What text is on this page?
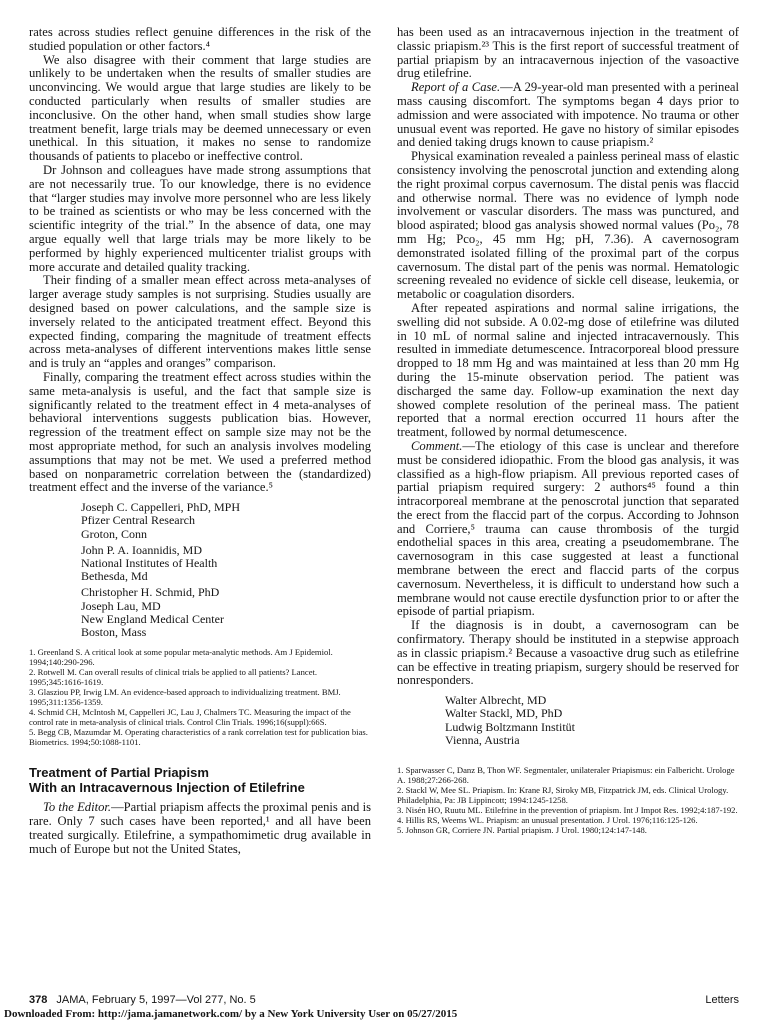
rates across studies reflect genuine differences in the risk of the studied population or other factors.⁴

We also disagree with their comment that large studies are unlikely to be undertaken when the results of smaller studies are unconvincing. We would argue that large studies are likely to be conducted particularly when results of smaller studies are inconclusive. On the other hand, when small studies show large treatment benefit, large trials may be deemed unnecessary or even unethical. In this situation, it makes no sense to randomize thousands of patients to placebo or ineffective control.

Dr Johnson and colleagues have made strong assumptions that are not necessarily true. To our knowledge, there is no evidence that “larger studies may involve more personnel who are less likely to be trained as scientists or who may be less concerned with the scientific integrity of the trial.” In the absence of data, one may argue equally well that large trials may be more likely to be performed by highly experienced multicenter trialist groups with more accurate and detailed quality tracking.

Their finding of a smaller mean effect across meta-analyses of larger average study samples is not surprising. Studies usually are designed based on power calculations, and the sample size is inversely related to the anticipated treatment effect. Beyond this expected finding, comparing the magnitude of treatment effects across meta-analyses of different interventions makes little sense and is truly an “apples and oranges” comparison.

Finally, comparing the treatment effect across studies within the same meta-analysis is useful, and the fact that sample size is significantly related to the treatment effect in 4 meta-analyses of behavioral interventions suggests publication bias. However, regression of the treatment effect on sample size may not be the most appropriate method, for such an analysis involves modeling assumptions that may not be met. We used a preferred method based on nonparametric correlation between the (standardized) treatment effect and the inverse of the variance.⁵

Joseph C. Cappelleri, PhD, MPH
Pfizer Central Research
Groton, Conn
John P. A. Ioannidis, MD
National Institutes of Health
Bethesda, Md
Christopher H. Schmid, PhD
Joseph Lau, MD
New England Medical Center
Boston, Mass
1. Greenland S. A critical look at some popular meta-analytic methods. Am J Epidemiol. 1994;140:290-296.
2. Rotwell M. Can overall results of clinical trials be applied to all patients? Lancet. 1995;345:1616-1619.
3. Glasziou PP, Irwig LM. An evidence-based approach to individualizing treatment. BMJ. 1995;311:1356-1359.
4. Schmid CH, McIntosh M, Cappelleri JC, Lau J, Chalmers TC. Measuring the impact of the control rate in meta-analysis of clinical trials. Control Clin Trials. 1996;16(suppl):66S.
5. Begg CB, Mazumdar M. Operating characteristics of a rank correlation test for publication bias. Biometrics. 1994;50:1088-1101.
Treatment of Partial Priapism
With an Intracavernous Injection of Etilefrine

To the Editor.—Partial priapism affects the proximal penis and is rare. Only 7 such cases have been reported,¹ and all have been treated surgically. Etilefrine, a sympathomimetic drug available in much of Europe but not the United States,

has been used as an intracavernous injection in the treatment of classic priapism.²³ This is the first report of successful treatment of partial priapism by an intracavernous injection of the vasoactive drug etilefrine.

Report of a Case.—A 29-year-old man presented with a perineal mass causing discomfort. The symptoms began 4 days prior to admission and were associated with impotence. No trauma or other unusual event was reported. He gave no history of similar episodes and denied taking drugs known to cause priapism.²

Physical examination revealed a painless perineal mass of elastic consistency involving the penoscrotal junction and extending along the right proximal corpus cavernosum. The distal penis was flaccid and otherwise normal. There was no evidence of lymph node involvement or vascular disorders. The mass was punctured, and blood aspirated; blood gas analysis showed normal values (Po₂, 78 mm Hg; Pco₂, 45 mm Hg; pH, 7.36). A cavernosogram demonstrated isolated filling of the proximal part of the corpus cavernosum. The distal part of the penis was normal. Hematologic screening revealed no evidence of sickle cell disease, leukemia, or metabolic or coagulation disorders.

After repeated aspirations and normal saline irrigations, the swelling did not subside. A 0.02-mg dose of etilefrine was diluted in 10 mL of normal saline and injected intracavernously. This resulted in immediate detumescence. Intracorporeal blood pressure dropped to 18 mm Hg and was maintained at less than 20 mm Hg during the 15-minute observation period. The patient was discharged the same day. Follow-up examination the next day showed complete resolution of the perineal mass. The patient reported that a normal erection occurred 11 hours after the treatment, followed by normal detumescence.

Comment.—The etiology of this case is unclear and therefore must be considered idiopathic. From the blood gas analysis, it was classified as a high-flow priapism. All previous reported cases of partial priapism required surgery: 2 authors⁴⁵ found a thin intracorporeal membrane at the penoscrotal junction that separated the erect from the flaccid part of the corpus. According to Johnson and Corriere,⁵ trauma can cause thrombosis of the turgid endothelial spaces in this area, creating a pseudomembrane. The cavernosogram in this case suggested at least a functional membrane between the erect and flaccid parts of the corpus cavernosum. Nevertheless, it is difficult to understand how such a membrane would not cause erectile dysfunction prior to or after the episode of partial priapism.

If the diagnosis is in doubt, a cavernosogram can be confirmatory. Therapy should be instituted in a stepwise approach as in classic priapism.² Because a vasoactive drug such as etilefrine can be effective in treating priapism, surgery should be reserved for nonresponders.

Walter Albrecht, MD
Walter Stackl, MD, PhD
Ludwig Boltzmann Institüt
Vienna, Austria
1. Sparwasser C, Danz B, Thon WF. Segmentaler, unilateraler Priapismus: ein Falbericht. Urologe A. 1988;27:266-268.
2. Stackl W, Mee SL. Priapism. In: Krane RJ, Siroky MB, Fitzpatrick JM, eds. Clinical Urology. Philadelphia, Pa: JB Lippincott; 1994:1245-1258.
3. Nisén HO, Ruutu ML. Etilefrine in the prevention of priapism. Int J Impot Res. 1992;4:187-192.
4. Hillis RS, Weems WL. Priapism: an unusual presentation. J Urol. 1976;116:125-126.
5. Johnson GR, Corriere JN. Partial priapism. J Urol. 1980;124:147-148.
378 JAMA, February 5, 1997—Vol 277, No. 5	Letters
Downloaded From: http://jama.jamanetwork.com/ by a New York University User on 05/27/2015
